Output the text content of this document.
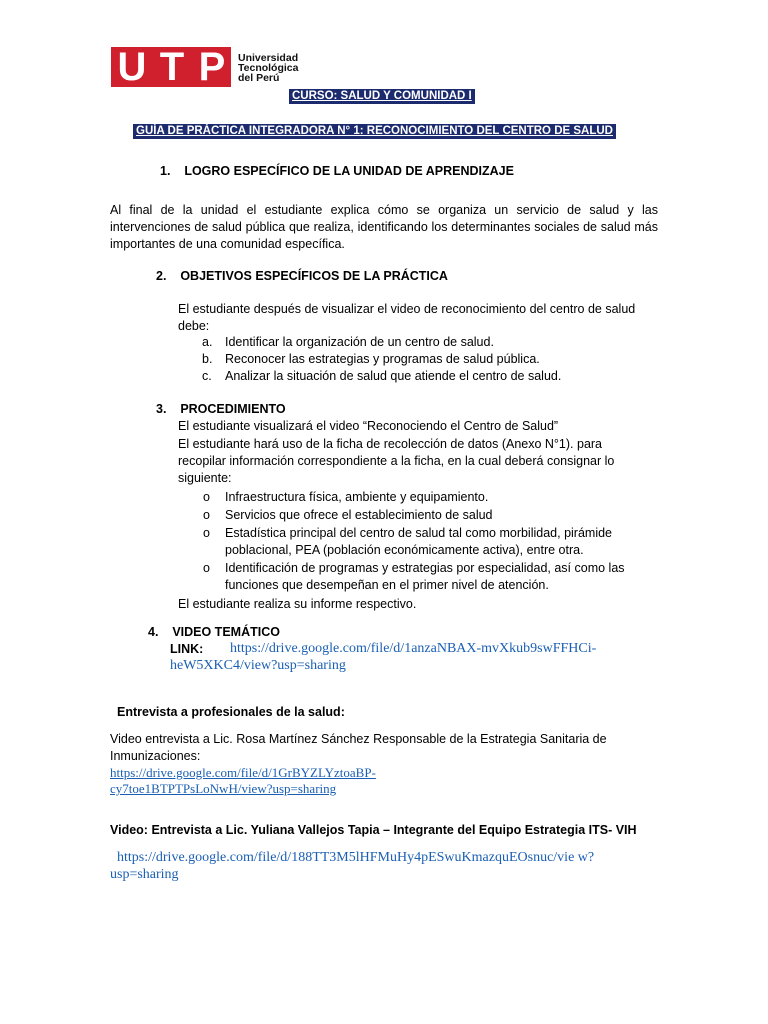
U T P	Universidad
Tecnológica
del Perú
CURSO: SALUD Y COMUNIDAD I
GUÍA DE PRÁCTICA INTEGRADORA N° 1: RECONOCIMIENTO DEL CENTRO DE SALUD
1.    LOGRO ESPECÍFICO DE LA UNIDAD DE APRENDIZAJE
Al final de la unidad el estudiante explica cómo se organiza un servicio de salud y las intervenciones de salud pública que realiza, identificando los determinantes sociales de salud más importantes de una comunidad específica.
2.    OBJETIVOS ESPECÍFICOS DE LA PRÁCTICA
El estudiante después de visualizar el video de reconocimiento del centro de salud debe:
a. Identificar la organización de un centro de salud.
b. Reconocer las estrategias y programas de salud pública.
c. Analizar la situación de salud que atiende el centro de salud.
3.    PROCEDIMIENTO
El estudiante visualizará el video “Reconociendo el Centro de Salud”
El estudiante hará uso de la ficha de recolección de datos (Anexo N°1). para recopilar información correspondiente a la ficha, en la cual deberá consignar lo siguiente:
o Infraestructura física, ambiente y equipamiento.
o Servicios que ofrece el establecimiento de salud
o Estadística principal del centro de salud tal como morbilidad, pirámide poblacional, PEA (población económicamente activa), entre otra.
o Identificación de programas y estrategias por especialidad, así como las funciones que desempeñan en el primer nivel de atención.
El estudiante realiza su informe respectivo.
4.    VIDEO TEMÁTICO
LINK: https://drive.google.com/file/d/1anzaNBAX-mvXkub9swFFHCi-
heW5XKC4/view?usp=sharing
Entrevista a profesionales de la salud:
Video entrevista a Lic. Rosa Martínez Sánchez Responsable de la Estrategia Sanitaria de
Inmunizaciones:
https://drive.google.com/file/d/1GrBYZLYztoaBP-
cy7toe1BTPTPsLoNwH/view?usp=sharing
Video: Entrevista a Lic. Yuliana Vallejos Tapia – Integrante del Equipo Estrategia ITS- VIH
https://drive.google.com/file/d/188TT3M5lHFMuHy4pESwuKmazquEOsnuc/vie w?
usp=sharing
